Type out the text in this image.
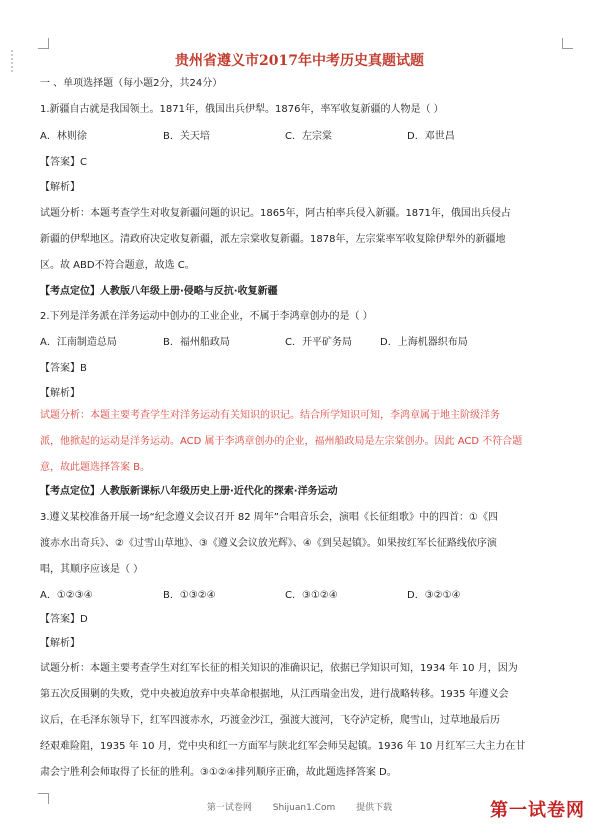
贵州省遵义市2017年中考历史真题试题
一 、单项选择题（每小题2分，共24分）
1.新疆自古就是我国领土。1871年，俄国出兵伊犁。1876年，率军收复新疆的人物是（ ）
A．林则徐	B．关天培	C．左宗棠	D．邓世昌
【答案】C
【解析】
试题分析：本题考查学生对收复新疆问题的识记。1865年，阿古柏率兵侵入新疆。1871年，俄国出兵侵占
新疆的伊犁地区。清政府决定收复新疆，派左宗棠收复新疆。1878年，左宗棠率军收复除伊犁外的新疆地
区。故 ABD不符合题意，故选 C。
【考点定位】人教版八年级上册·侵略与反抗·收复新疆
2.下列是洋务派在洋务运动中创办的工业企业，不属于李鸿章创办的是（ ）
A．江南制造总局	B．福州船政局	C．开平矿务局	D．上海机器织布局
【答案】B
【解析】
试题分析：本题主要考查学生对洋务运动有关知识的识记。结合所学知识可知，李鸿章属于地主阶级洋务
派，他掀起的运动是洋务运动。ACD 属于李鸿章创办的企业，福州船政局是左宗棠创办。因此 ACD 不符合题
意，故此题选择答案 B。
【考点定位】人教版新课标八年级历史上册·近代化的探索·洋务运动
3.遵义某校准备开展一场“纪念遵义会议召开 82 周年”合唱音乐会，演唱《长征组歌》中的四首：①《四
渡赤水出奇兵》、②《过雪山草地》、③《遵义会议放光辉》、④《到吴起镇》。如果按红军长征路线依序演
唱，其顺序应该是（ ）
A．①②③④	B．①③②④	C．③①②④	D．③②①④
【答案】D
【解析】
试题分析：本题主要考查学生对红军长征的相关知识的准确识记，依据已学知识可知，1934 年 10 月，因为
第五次反围剿的失败，党中央被迫放弃中央革命根据地，从江西瑞金出发，进行战略转移。1935 年遵义会
议后，在毛泽东领导下，红军四渡赤水，巧渡金沙江，强渡大渡河，飞夺泸定桥，爬雪山，过草地最后历
经艰难险阻，1935 年 10 月，党中央和红一方面军与陕北红军会师吴起镇。1936 年 10 月红军三大主力在甘
肃会宁胜利会师取得了长征的胜利。③①②④排列顺序正确，故此题选择答案 D。
第一试卷网 Shijuan1.Com 提供下载	第一试卷网
